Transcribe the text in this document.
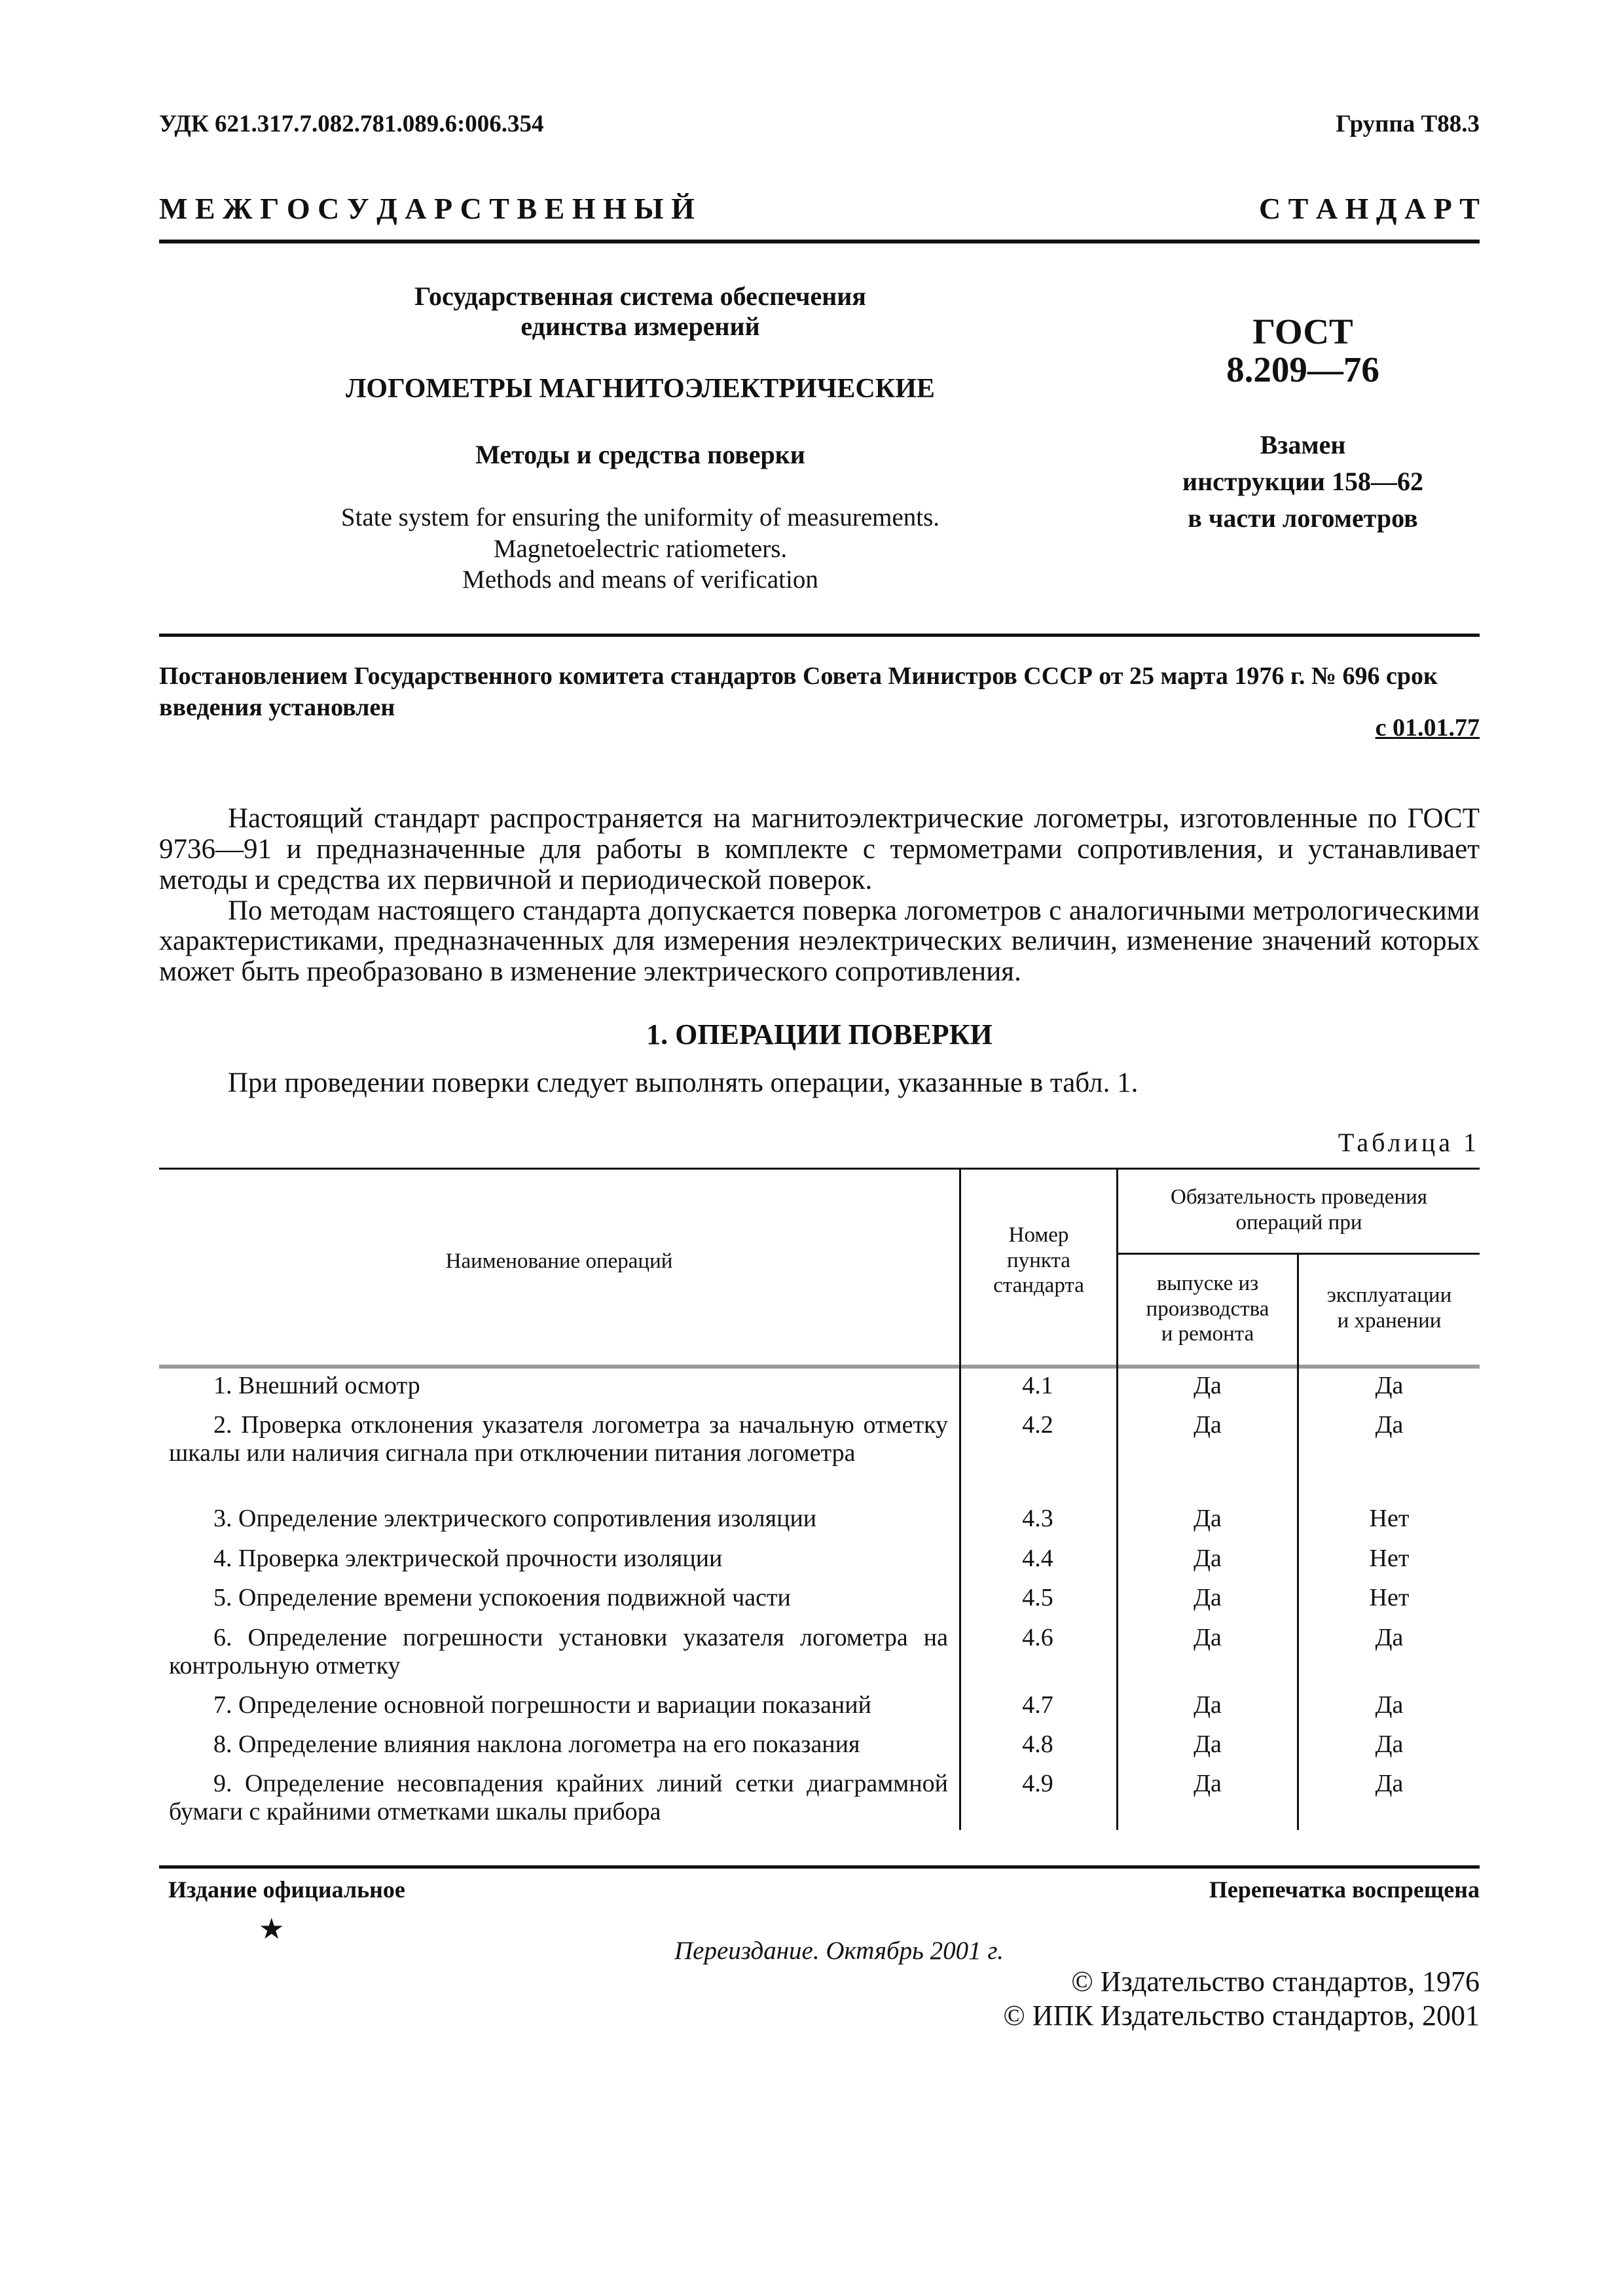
УДК 621.317.7.082.781.089.6:006.354	Группа Т88.3
М Е Ж Г О С У Д А Р С Т В Е Н Н Ы Й	С Т А Н Д А Р Т
Государственная система обеспечения
единства измерений
ЛОГОМЕТРЫ МАГНИТОЭЛЕКТРИЧЕСКИЕ
Методы и средства поверки
State system for ensuring the uniformity of measurements.
Magnetoelectric ratiometers.
Methods and means of verification
ГОСТ
8.209—76
Взамен
инструкции 158—62
в части логометров
Постановлением Государственного комитета стандартов Совета Министров СССР от 25 марта 1976 г. № 696 срок введения установлен
с 01.01.77

Настоящий стандарт распространяется на магнитоэлектрические логометры, изготовленные по ГОСТ 9736—91 и предназначенные для работы в комплекте с термометрами сопротивления, и устанавливает методы и средства их первичной и периодической поверок.

По методам настоящего стандарта допускается поверка логометров с аналогичными метрологическими характеристиками, предназначенных для измерения неэлектрических величин, изменение значений которых может быть преобразовано в изменение электрического сопротивления.

1. ОПЕРАЦИИ ПОВЕРКИ
При проведении поверки следует выполнять операции, указанные в табл. 1.
Таблица 1
Наименование операций
Номер
пункта
стандарта
Обязательность проведения
операций при
выпуске из
производства
и ремонта
эксплуатации
и хранении
1. Внешний осмотр	4.1	Да	Да
2. Проверка отклонения указателя логометра за начальную отметку шкалы или наличия сигнала при отключении питания логометра
4.2	Да	Да
3. Определение электрического сопротивления изоляции	4.3	Да	Нет
4. Проверка электрической прочности изоляции	4.4	Да	Нет
5. Определение времени успокоения подвижной части	4.5	Да	Нет
6. Определение погрешности установки указателя логометра на контрольную отметку
4.6	Да	Да
7. Определение основной погрешности и вариации показаний	4.7	Да	Да
8. Определение влияния наклона логометра на его показания	4.8	Да	Да
9. Определение несовпадения крайних линий сетки диаграммной бумаги с крайними отметками шкалы прибора
4.9	Да	Да
Издание официальное
★
Перепечатка воспрещена
Переиздание. Октябрь 2001 г.
© Издательство стандартов, 1976
© ИПК Издательство стандартов, 2001
